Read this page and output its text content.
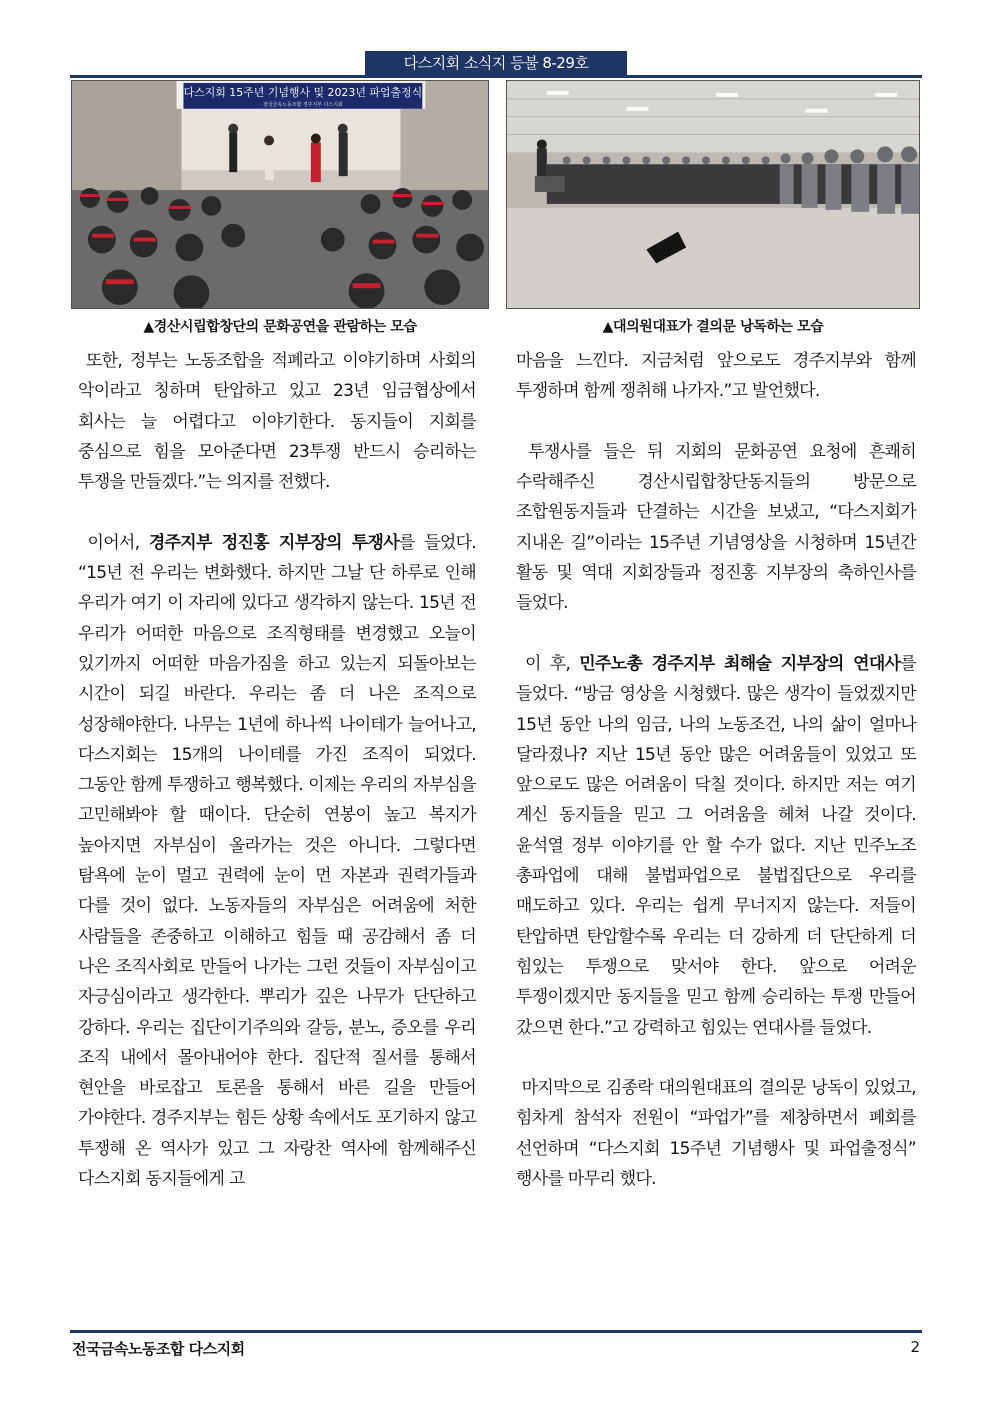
다스지회 소식지 등불 8-29호
다스지회 15주년 기념행사 및 2023년 파업출정식
전국금속노동조합 경주지부 다스지회
▲경산시립합창단의 문화공연을 관람하는 모습	▲대의원대표가 결의문 낭독하는 모습

또한, 정부는 노동조합을 적폐라고 이야기하며 사회의 악이라고 칭하며 탄압하고 있고 23년 임금협상에서 회사는 늘 어렵다고 이야기한다. 동지들이 지회를 중심으로 힘을 모아준다면 23투쟁 반드시 승리하는 투쟁을 만들겠다.”는 의지를 전했다.

이어서, 경주지부 정진홍 지부장의 투쟁사를 들었다. “15년 전 우리는 변화했다. 하지만 그날 단 하루로 인해 우리가 여기 이 자리에 있다고 생각하지 않는다. 15년 전 우리가 어떠한 마음으로 조직형태를 변경했고 오늘이 있기까지 어떠한 마음가짐을 하고 있는지 되돌아보는 시간이 되길 바란다. 우리는 좀 더 나은 조직으로 성장해야한다. 나무는 1년에 하나씩 나이테가 늘어나고, 다스지회는 15개의 나이테를 가진 조직이 되었다. 그동안 함께 투쟁하고 행복했다. 이제는 우리의 자부심을 고민해봐야 할 때이다. 단순히 연봉이 높고 복지가 높아지면 자부심이 올라가는 것은 아니다. 그렇다면 탐욕에 눈이 멀고 권력에 눈이 먼 자본과 권력가들과 다를 것이 없다. 노동자들의 자부심은 어려움에 처한 사람들을 존중하고 이해하고 힘들 때 공감해서 좀 더 나은 조직사회로 만들어 나가는 그런 것들이 자부심이고 자긍심이라고 생각한다. 뿌리가 깊은 나무가 단단하고 강하다. 우리는 집단이기주의와 갈등, 분노, 증오를 우리 조직 내에서 몰아내어야 한다. 집단적 질서를 통해서 현안을 바로잡고 토론을 통해서 바른 길을 만들어 가야한다. 경주지부는 힘든 상황 속에서도 포기하지 않고 투쟁해 온 역사가 있고 그 자랑찬 역사에 함께해주신 다스지회 동지들에게 고

마음을 느낀다. 지금처럼 앞으로도 경주지부와 함께 투쟁하며 함께 쟁취해 나가자.”고 발언했다.

투쟁사를 들은 뒤 지회의 문화공연 요청에 흔쾌히 수락해주신 경산시립합창단동지들의 방문으로 조합원동지들과 단결하는 시간을 보냈고, “다스지회가 지내온 길”이라는 15주년 기념영상을 시청하며 15년간 활동 및 역대 지회장들과 정진홍 지부장의 축하인사를 들었다.

이 후, 민주노총 경주지부 최해술 지부장의 연대사를 들었다. “방금 영상을 시청했다. 많은 생각이 들었겠지만 15년 동안 나의 임금, 나의 노동조건, 나의 삶이 얼마나 달라졌나? 지난 15년 동안 많은 어려움들이 있었고 또 앞으로도 많은 어려움이 닥칠 것이다. 하지만 저는 여기 계신 동지들을 믿고 그 어려움을 헤쳐 나갈 것이다. 윤석열 정부 이야기를 안 할 수가 없다. 지난 민주노조 총파업에 대해 불법파업으로 불법집단으로 우리를 매도하고 있다. 우리는 쉽게 무너지지 않는다. 저들이 탄압하면 탄압할수록 우리는 더 강하게 더 단단하게 더 힘있는 투쟁으로 맞서야 한다. 앞으로 어려운 투쟁이겠지만 동지들을 믿고 함께 승리하는 투쟁 만들어 갔으면 한다.”고 강력하고 힘있는 연대사를 들었다.

마지막으로 김종락 대의원대표의 결의문 낭독이 있었고, 힘차게 참석자 전원이 “파업가”를 제창하면서 폐회를 선언하며 “다스지회 15주년 기념행사 및 파업출정식” 행사를 마무리 했다.

전국금속노동조합 다스지회	2
